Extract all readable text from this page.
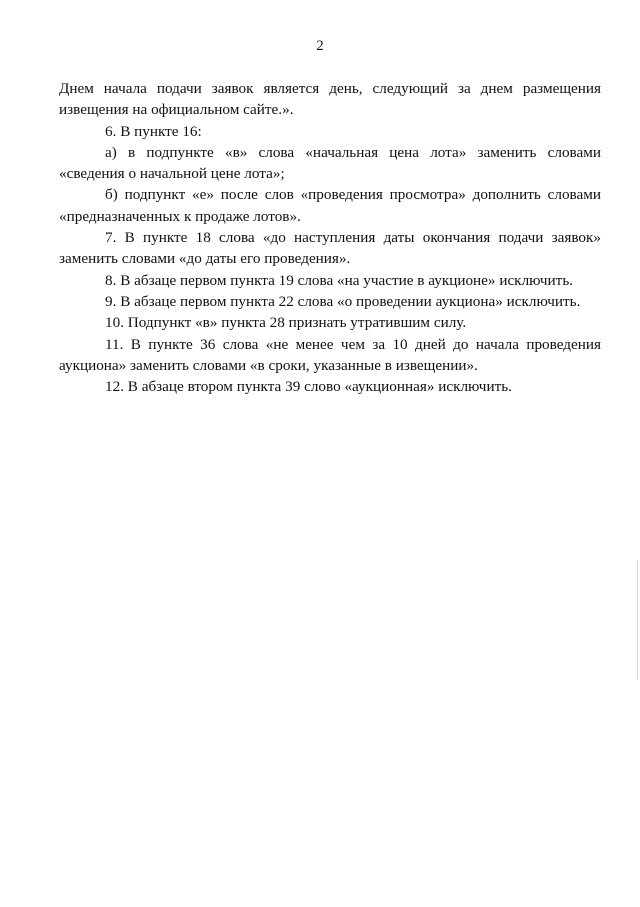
2

Днем начала подачи заявок является день, следующий за днем размещения извещения на официальном сайте.».

6. В пункте 16:

а) в подпункте «в» слова «начальная цена лота» заменить словами «сведения о начальной цене лота»;

б) подпункт «е» после слов «проведения просмотра» дополнить словами «предназначенных к продаже лотов».

7. В пункте 18 слова «до наступления даты окончания подачи заявок» заменить словами «до даты его проведения».

8. В абзаце первом пункта 19 слова «на участие в аукционе» исключить.

9. В абзаце первом пункта 22 слова «о проведении аукциона» исключить.

10. Подпункт «в» пункта 28 признать утратившим силу.

11. В пункте 36 слова «не менее чем за 10 дней до начала проведения аукциона» заменить словами «в сроки, указанные в извещении».

12. В абзаце втором пункта 39 слово «аукционная» исключить.
